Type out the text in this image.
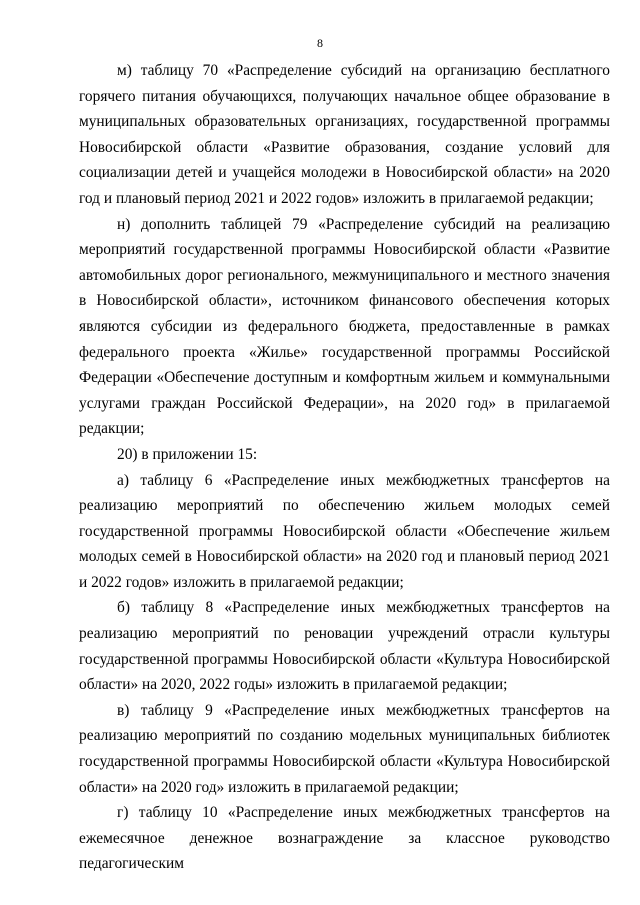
8

м) таблицу 70 «Распределение субсидий на организацию бесплатного горячего питания обучающихся, получающих начальное общее образование в муниципальных образовательных организациях, государственной программы Новосибирской области «Развитие образования, создание условий для социализации детей и учащейся молодежи в Новосибирской области» на 2020 год и плановый период 2021 и 2022 годов» изложить в прилагаемой редакции;

н) дополнить таблицей 79 «Распределение субсидий на реализацию мероприятий государственной программы Новосибирской области «Развитие автомобильных дорог регионального, межмуниципального и местного значения в Новосибирской области», источником финансового обеспечения которых являются субсидии из федерального бюджета, предоставленные в рамках федерального проекта «Жилье» государственной программы Российской Федерации «Обеспечение доступным и комфортным жильем и коммунальными услугами граждан Российской Федерации», на 2020 год» в прилагаемой редакции;

20) в приложении 15:

а) таблицу 6 «Распределение иных межбюджетных трансфертов на реализацию мероприятий по обеспечению жильем молодых семей государственной программы Новосибирской области «Обеспечение жильем молодых семей в Новосибирской области» на 2020 год и плановый период 2021 и 2022 годов» изложить в прилагаемой редакции;

б) таблицу 8 «Распределение иных межбюджетных трансфертов на реализацию мероприятий по реновации учреждений отрасли культуры государственной программы Новосибирской области «Культура Новосибирской области» на 2020, 2022 годы» изложить в прилагаемой редакции;

в) таблицу 9 «Распределение иных межбюджетных трансфертов на реализацию мероприятий по созданию модельных муниципальных библиотек государственной программы Новосибирской области «Культура Новосибирской области» на 2020 год» изложить в прилагаемой редакции;

г) таблицу 10 «Распределение иных межбюджетных трансфертов на ежемесячное денежное вознаграждение за классное руководство педагогическим
